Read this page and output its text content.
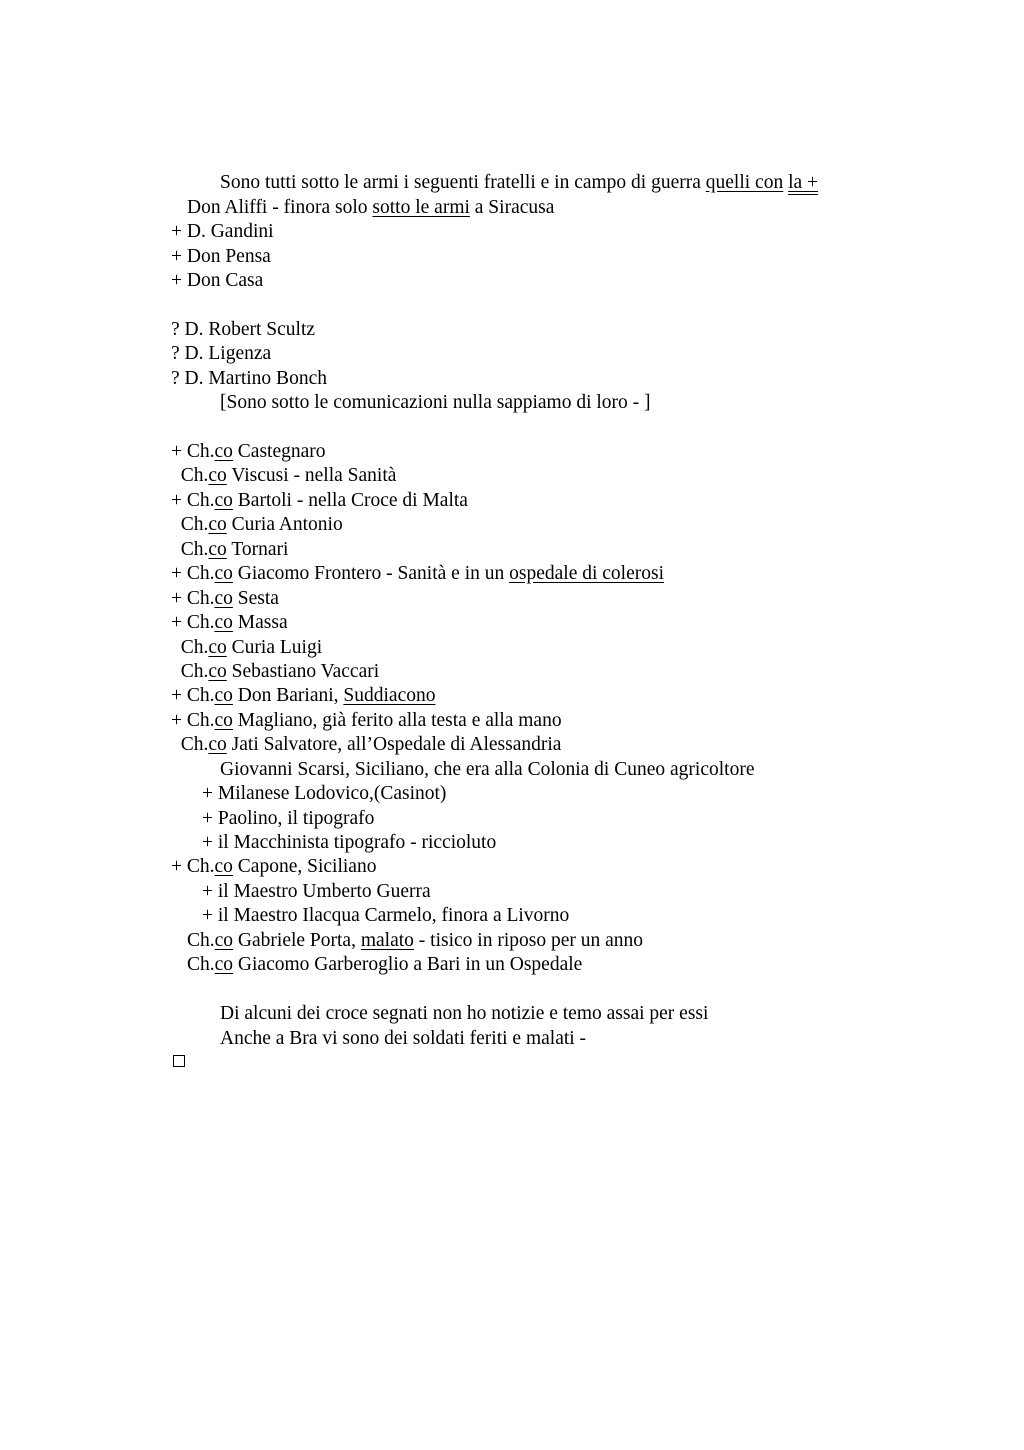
Sono tutti sotto le armi i seguenti fratelli e in campo di guerra quelli con la +
Don Aliffi - finora solo sotto le armi a Siracusa
+ D. Gandini
+ Don Pensa
+ Don Casa
? D. Robert Scultz
? D. Ligenza
? D. Martino Bonch
[Sono sotto le comunicazioni nulla sappiamo di loro - ]
+ Ch.co Castegnaro
Ch.co Viscusi - nella Sanità
+ Ch.co Bartoli - nella Croce di Malta
Ch.co Curia Antonio
Ch.co Tornari
+ Ch.co Giacomo Frontero - Sanità e in un ospedale di colerosi
+ Ch.co Sesta
+ Ch.co Massa
Ch.co Curia Luigi
Ch.co Sebastiano Vaccari
+ Ch.co Don Bariani, Suddiacono
+ Ch.co Magliano, già ferito alla testa e alla mano
Ch.co Jati Salvatore, all’Ospedale di Alessandria
Giovanni Scarsi, Siciliano, che era alla Colonia di Cuneo agricoltore
+ Milanese Lodovico,(Casinot)
+ Paolino, il tipografo
+ il Macchinista tipografo - riccioluto
+ Ch.co Capone, Siciliano
+ il Maestro Umberto Guerra
+ il Maestro Ilacqua Carmelo, finora a Livorno
Ch.co Gabriele Porta, malato - tisico in riposo per un anno
Ch.co Giacomo Garberoglio a Bari in un Ospedale
Di alcuni dei croce segnati non ho notizie e temo assai per essi
Anche a Bra vi sono dei soldati feriti e malati -
